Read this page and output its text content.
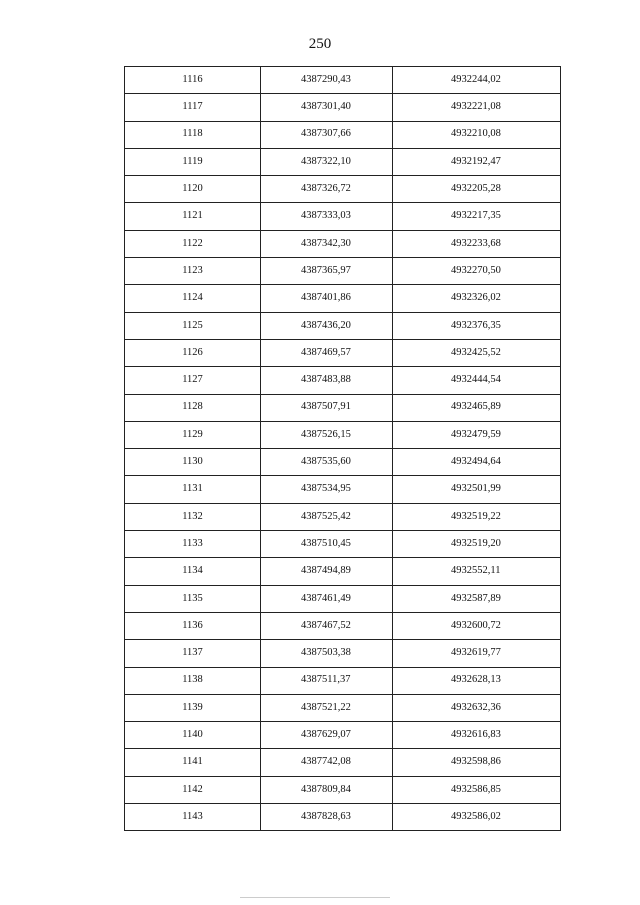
250
1116	4387290,43	4932244,02
1117	4387301,40	4932221,08
1118	4387307,66	4932210,08
1119	4387322,10	4932192,47
1120	4387326,72	4932205,28
1121	4387333,03	4932217,35
1122	4387342,30	4932233,68
1123	4387365,97	4932270,50
1124	4387401,86	4932326,02
1125	4387436,20	4932376,35
1126	4387469,57	4932425,52
1127	4387483,88	4932444,54
1128	4387507,91	4932465,89
1129	4387526,15	4932479,59
1130	4387535,60	4932494,64
1131	4387534,95	4932501,99
1132	4387525,42	4932519,22
1133	4387510,45	4932519,20
1134	4387494,89	4932552,11
1135	4387461,49	4932587,89
1136	4387467,52	4932600,72
1137	4387503,38	4932619,77
1138	4387511,37	4932628,13
1139	4387521,22	4932632,36
1140	4387629,07	4932616,83
1141	4387742,08	4932598,86
1142	4387809,84	4932586,85
1143	4387828,63	4932586,02
